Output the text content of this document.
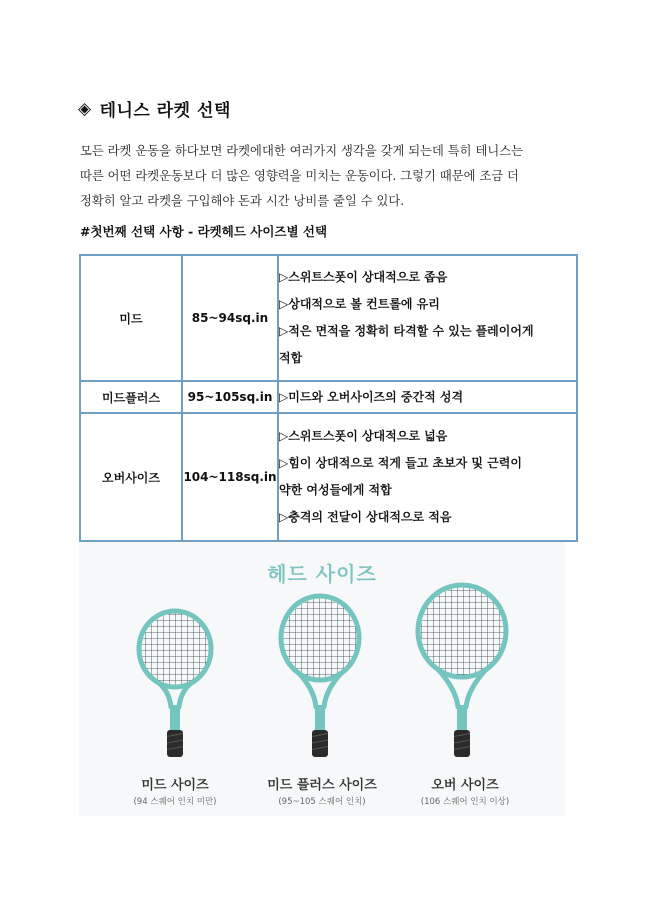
◈ 테니스 라켓 선택

모든 라켓 운동을 하다보면 라켓에대한 여러가지 생각을 갖게 되는데 특히 테니스는
따른 어떤 라켓운동보다 더 많은 영향력을 미치는 운동이다. 그렇기 때문에 조금 더
정확히 알고 라켓을 구입해야 돈과 시간 낭비를 줄일 수 있다.

#첫번째 선택 사항 - 라켓헤드 사이즈별 선택

미드	85~94sq.in	▷스위트스폿이 상대적으로 좁음
▷상대적으로 볼 컨트롤에 유리
▷적은 면적을 정확히 타격할 수 있는 플레이어게
적합

미드플러스	95~105sq.in	▷미드와 오버사이즈의 중간적 성격

오버사이즈	104~118sq.in	▷스위트스폿이 상대적으로 넓음
▷힘이 상대적으로 적게 들고 초보자 및 근력이
약한 여성들에게 적합
▷충격의 전달이 상대적으로 적음
헤드 사이즈
미드 사이즈
(94 스퀘어 인치 미만)
미드 플러스 사이즈
(95~105 스퀘어 인치)
오버 사이즈
(106 스퀘어 인치 이상)
